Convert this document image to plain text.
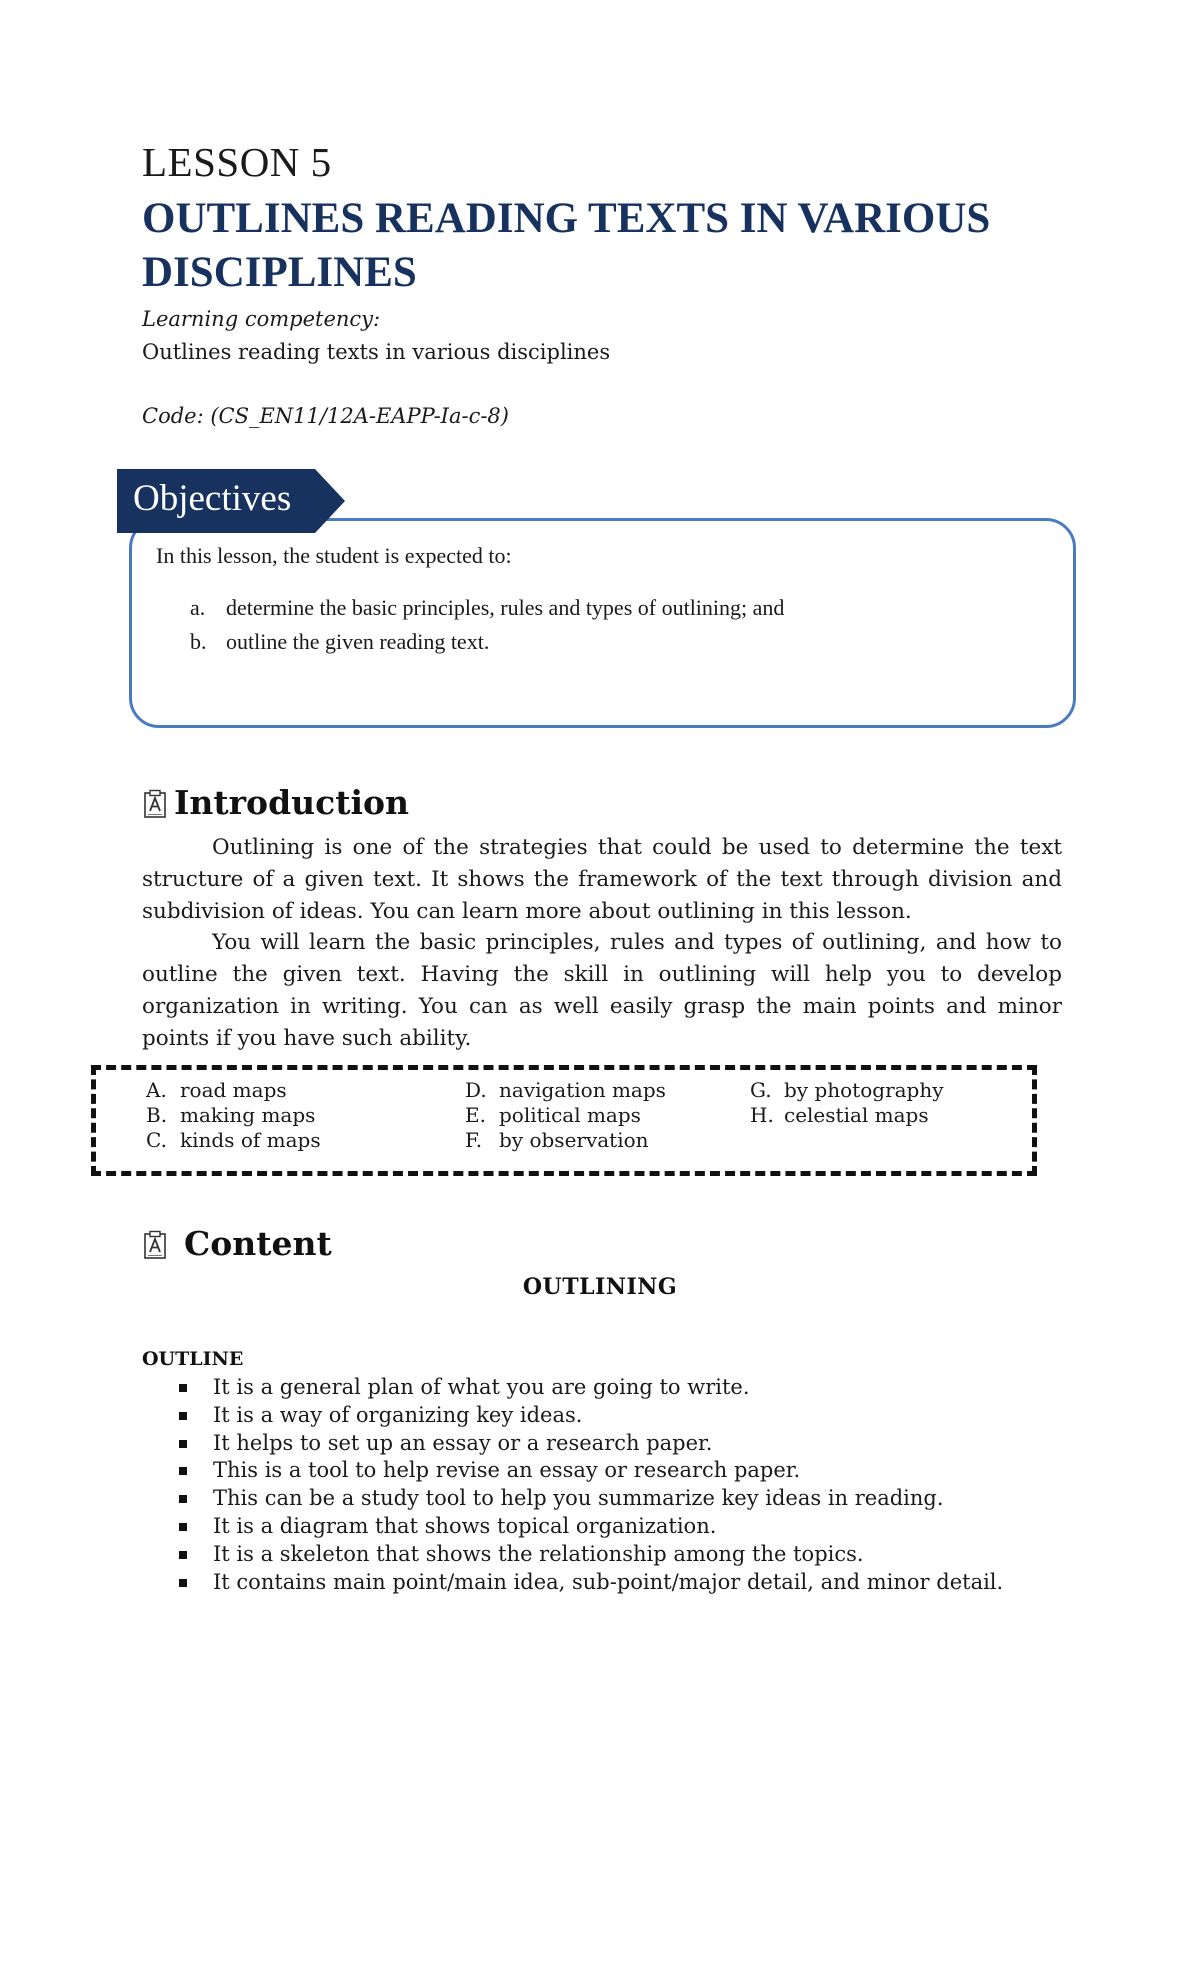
LESSON 5
OUTLINES READING TEXTS IN VARIOUS DISCIPLINES
Learning competency:
Outlines reading texts in various disciplines
Code: (CS_EN11/12A-EAPP-Ia-c-8)
Objectives
In this lesson, the student is expected to:
a. determine the basic principles, rules and types of outlining; and
b. outline the given reading text.
Introduction

Outlining is one of the strategies that could be used to determine the text structure of a given text. It shows the framework of the text through division and subdivision of ideas. You can learn more about outlining in this lesson.

You will learn the basic principles, rules and types of outlining, and how to outline the given text. Having the skill in outlining will help you to develop organization in writing. You can as well easily grasp the main points and minor points if you have such ability.

A. road maps
B. making maps
C. kinds of maps
D. navigation maps
E. political maps
F. by observation
G. by photography
H. celestial maps
Content
OUTLINING
OUTLINE
It is a general plan of what you are going to write.
It is a way of organizing key ideas.
It helps to set up an essay or a research paper.
This is a tool to help revise an essay or research paper.
This can be a study tool to help you summarize key ideas in reading.
It is a diagram that shows topical organization.
It is a skeleton that shows the relationship among the topics.
It contains main point/main idea, sub-point/major detail, and minor detail.
